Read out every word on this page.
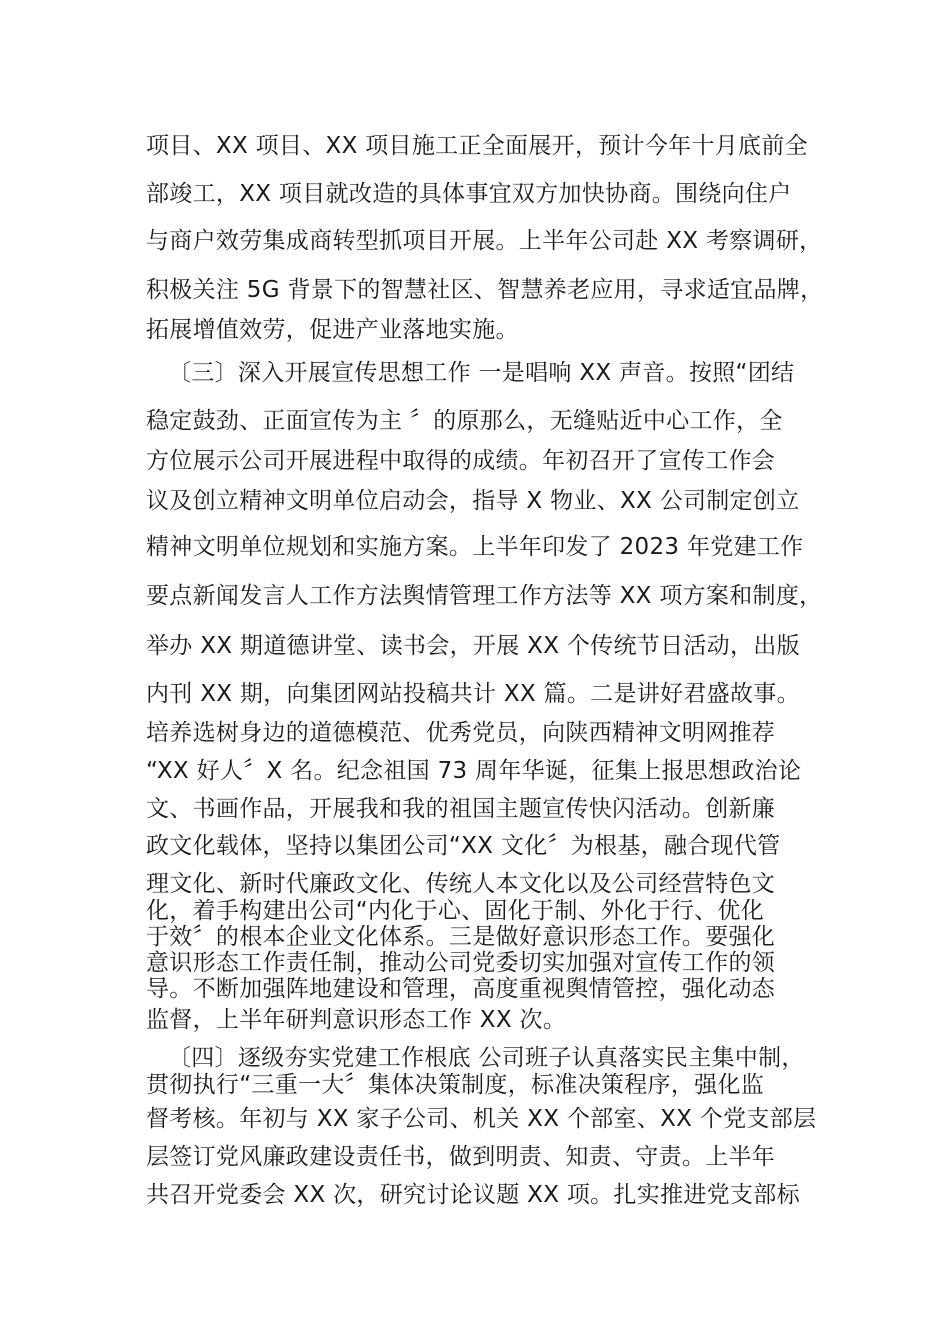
项目、XX 项目、XX 项目施工正全面展开，预计今年十月底前全
部竣工，XX 项目就改造的具体事宜双方加快协商。围绕向住户
与商户效劳集成商转型抓项目开展。上半年公司赴 XX 考察调研，
积极关注 5G 背景下的智慧社区、智慧养老应用，寻求适宜品牌，
拓展增值效劳，促进产业落地实施。
〔三〕深入开展宣传思想工作 一是唱响 XX 声音。按照“团结
稳定鼓劲、正面宣传为主 〞的原那么，无缝贴近中心工作，全
方位展示公司开展进程中取得的成绩。年初召开了宣传工作会
议及创立精神文明单位启动会，指导 X 物业、XX 公司制定创立
精神文明单位规划和实施方案。上半年印发了 2023 年党建工作
要点新闻发言人工作方法舆情管理工作方法等 XX 项方案和制度，
举办 XX 期道德讲堂、读书会，开展 XX 个传统节日活动，出版
内刊 XX 期，向集团网站投稿共计 XX 篇。二是讲好君盛故事。
培养选树身边的道德模范、优秀党员，向陕西精神文明网推荐
“XX 好人〞X 名。纪念祖国 73 周年华诞，征集上报思想政治论
文、书画作品，开展我和我的祖国主题宣传快闪活动。创新廉
政文化载体，坚持以集团公司“XX 文化〞为根基，融合现代管
理文化、新时代廉政文化、传统人本文化以及公司经营特色文
化，着手构建出公司“内化于心、固化于制、外化于行、优化
于效〞的根本企业文化体系。三是做好意识形态工作。要强化
意识形态工作责任制，推动公司党委切实加强对宣传工作的领
导。不断加强阵地建设和管理，高度重视舆情管控，强化动态
监督，上半年研判意识形态工作 XX 次。
〔四〕逐级夯实党建工作根底 公司班子认真落实民主集中制，
贯彻执行“三重一大〞集体决策制度，标准决策程序，强化监
督考核。年初与 XX 家子公司、机关 XX 个部室、XX 个党支部层
层签订党风廉政建设责任书，做到明责、知责、守责。上半年
共召开党委会 XX 次，研究讨论议题 XX 项。扎实推进党支部标
